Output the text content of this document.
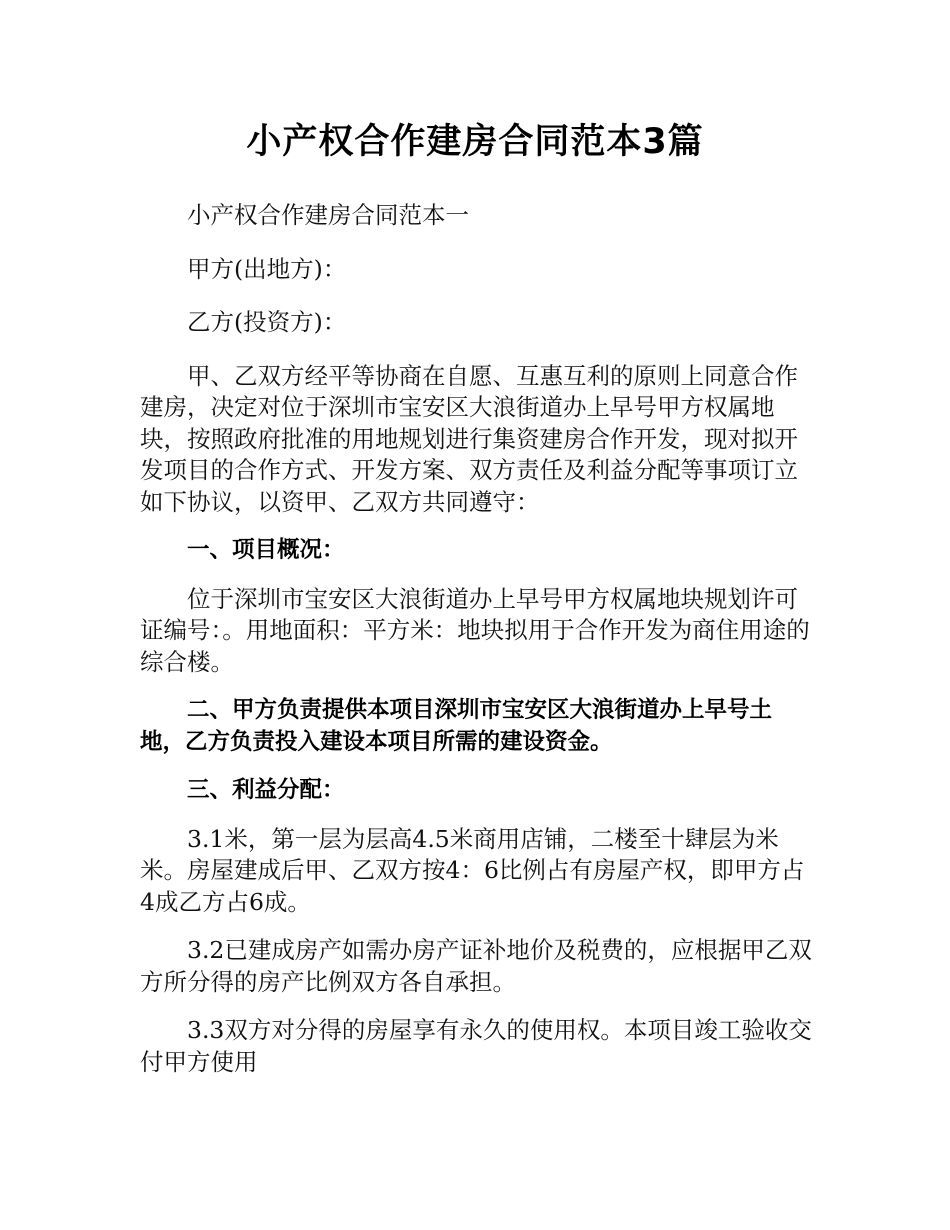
小产权合作建房合同范本3篇

小产权合作建房合同范本一

甲方(出地方)：

乙方(投资方)：

甲、乙双方经平等协商在自愿、互惠互利的原则上同意合作建房，决定对位于深圳市宝安区大浪街道办上早号甲方权属地块，按照政府批准的用地规划进行集资建房合作开发，现对拟开发项目的合作方式、开发方案、双方责任及利益分配等事项订立如下协议，以资甲、乙双方共同遵守：

一、项目概况：

位于深圳市宝安区大浪街道办上早号甲方权属地块规划许可证编号：。用地面积：平方米：地块拟用于合作开发为商住用途的综合楼。

二、甲方负责提供本项目深圳市宝安区大浪街道办上早号土地，乙方负责投入建设本项目所需的建设资金。

三、利益分配：

3.1米，第一层为层高4.5米商用店铺，二楼至十肆层为米米。房屋建成后甲、乙双方按4：6比例占有房屋产权，即甲方占4成乙方占6成。

3.2已建成房产如需办房产证补地价及税费的，应根据甲乙双方所分得的房产比例双方各自承担。

3.3双方对分得的房屋享有永久的使用权。本项目竣工验收交付甲方使用
